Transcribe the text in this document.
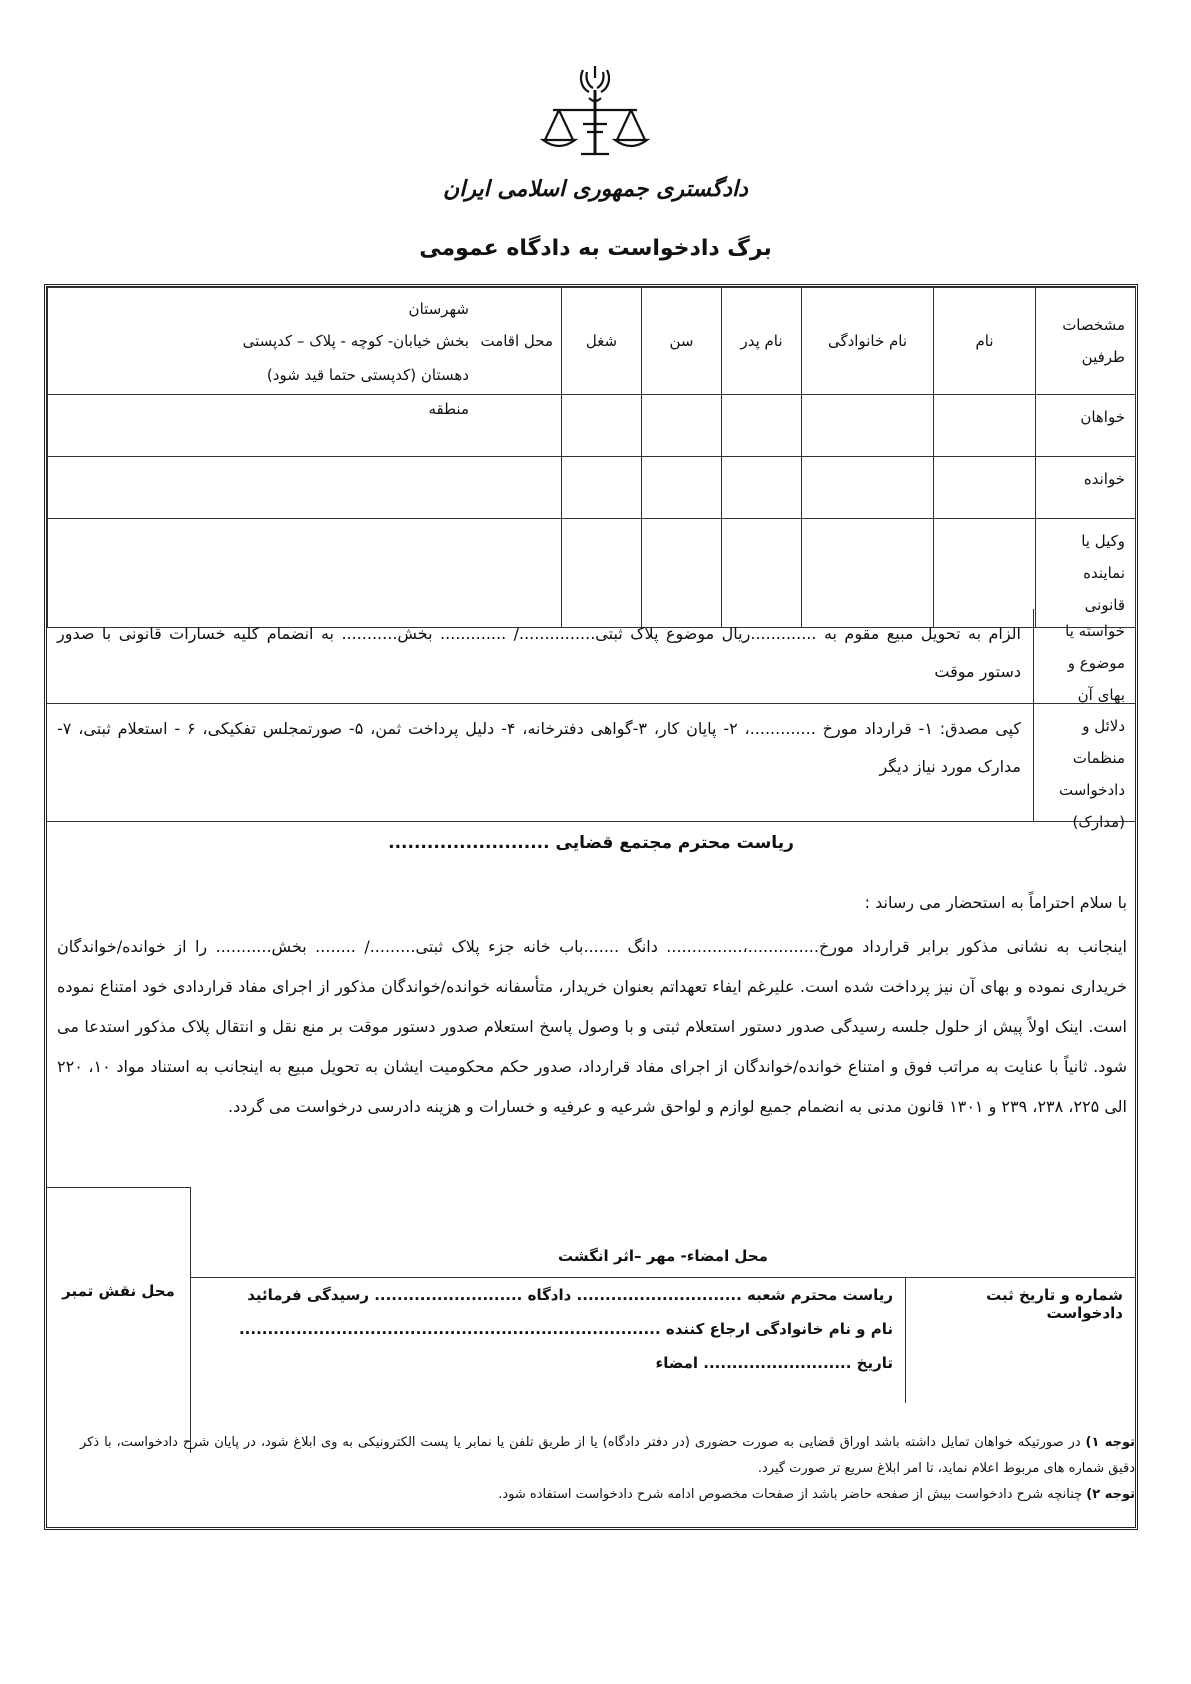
دادگستری جمهوری اسلامی ایران
برگ دادخواست به دادگاه عمومی
مشخصات طرفین	نام	نام خانوادگی	نام پدر	سن	شغل	محل اقامت
شهرستان
بخش خیابان- کوچه - پلاک – کدپستی
دهستان (کدپستی حتما قید شود)
منطقه

خواهان						
خوانده						
وکیل یا نماینده قانونی						
خواسته یا موضوع و بهای آن
الزام به تحویل مبیع مقوم به .............ریال موضوع پلاک ثبتی.............../ ............. بخش........... به انضمام کلیه خسارات قانونی با صدور دستور موقت
دلائل و منظمات دادخواست (مدارک)
کپی مصدق: ۱- قرارداد مورخ .............، ۲- پایان کار، ۳-گواهی دفترخانه، ۴- دلیل پرداخت ثمن، ۵- صورتمجلس تفکیکی، ۶ - استعلام ثبتی، ۷- مدارک مورد نیاز دیگر
ریاست محترم مجتمع قضایی .........................
با سلام احتراماً به استحضار می رساند :
اینجانب به نشانی مذکور برابر قرارداد مورخ..............،............... دانگ .......باب خانه جزء پلاک ثبتی........./ ........ بخش........... را از خوانده/خواندگان خریداری نموده و بهای آن نیز پرداخت شده است. علیرغم ایفاء تعهداتم بعنوان خریدار، متأسفانه خوانده/خواندگان مذکور از اجرای مفاد قراردادی خود امتناع نموده است. اینک اولاً پیش از حلول جلسه رسیدگی صدور دستور استعلام ثبتی و با وصول پاسخ استعلام صدور دستور موقت بر منع نقل و انتقال پلاک مذکور استدعا می شود. ثانیاً با عنایت به مراتب فوق و امتناع خوانده/خواندگان از اجرای مفاد قرارداد، صدور حکم محکومیت ایشان به تحویل مبیع به اینجانب به استناد مواد ۱۰، ۲۲۰ الی ۲۲۵، ۲۳۸، ۲۳۹ و ۱۳۰۱ قانون مدنی به انضمام جمیع لوازم و لواحق شرعیه و عرفیه و خسارات و هزینه دادرسی درخواست می گردد.
محل نقش تمبر
محل امضاء- مهر –اثر انگشت
شماره و تاریخ ثبت دادخواست
ریاست محترم شعبه ............................. دادگاه .......................... رسیدگی فرمائید
نام و نام خانوادگی ارجاع کننده ..........................................................................
تاریخ .......................... امضاء
توجه ۱) در صورتیکه خواهان تمایل داشته باشد اوراق قضایی به صورت حضوری (در دفتر دادگاه) یا از طریق تلفن یا نمابر یا پست الکترونیکی به وی ابلاغ شود، در پایان شرح دادخواست، با ذکر دقیق شماره های مربوط اعلام نماید، تا امر ابلاغ سریع تر صورت گیرد.
توجه ۲) چنانچه شرح دادخواست بیش از صفحه حاضر باشد از صفحات مخصوص ادامه شرح دادخواست استفاده شود.
